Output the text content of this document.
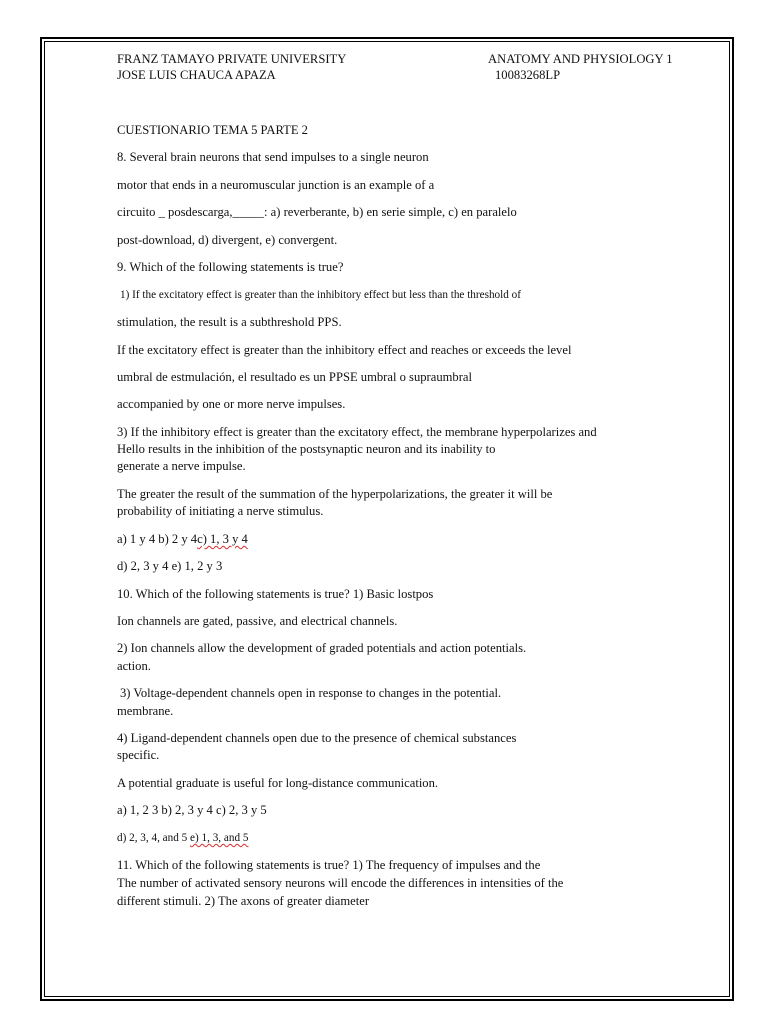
FRANZ TAMAYO PRIVATE UNIVERSITY	ANATOMY AND PHYSIOLOGY 1
JOSE LUIS CHAUCA APAZA	10083268LP
CUESTIONARIO TEMA 5 PARTE 2
8. Several brain neurons that send impulses to a single neuron
motor that ends in a neuromuscular junction is an example of a
circuito _ posdescarga,_____: a) reverberante, b) en serie simple, c) en paralelo
post-download, d) divergent, e) convergent.
9. Which of the following statements is true?
1) If the excitatory effect is greater than the inhibitory effect but less than the threshold of
stimulation, the result is a subthreshold PPS.
If the excitatory effect is greater than the inhibitory effect and reaches or exceeds the level
umbral de estmulación, el resultado es un PPSE umbral o supraumbral
accompanied by one or more nerve impulses.
3) If the inhibitory effect is greater than the excitatory effect, the membrane hyperpolarizes and
Hello results in the inhibition of the postsynaptic neuron and its inability to
generate a nerve impulse.
The greater the result of the summation of the hyperpolarizations, the greater it will be
probability of initiating a nerve stimulus.
a) 1 y 4 b) 2 y 4c) 1, 3 y 4
d) 2, 3 y 4 e) 1, 2 y 3
10. Which of the following statements is true? 1) Basic lostpos
Ion channels are gated, passive, and electrical channels.
2) Ion channels allow the development of graded potentials and action potentials.
action.
3) Voltage-dependent channels open in response to changes in the potential.
membrane.
4) Ligand-dependent channels open due to the presence of chemical substances
specific.
A potential graduate is useful for long-distance communication.
a) 1, 2 3 b) 2, 3 y 4 c) 2, 3 y 5
d) 2, 3, 4, and 5 e) 1, 3, and 5
11. Which of the following statements is true? 1) The frequency of impulses and the
The number of activated sensory neurons will encode the differences in intensities of the
different stimuli. 2) The axons of greater diameter
